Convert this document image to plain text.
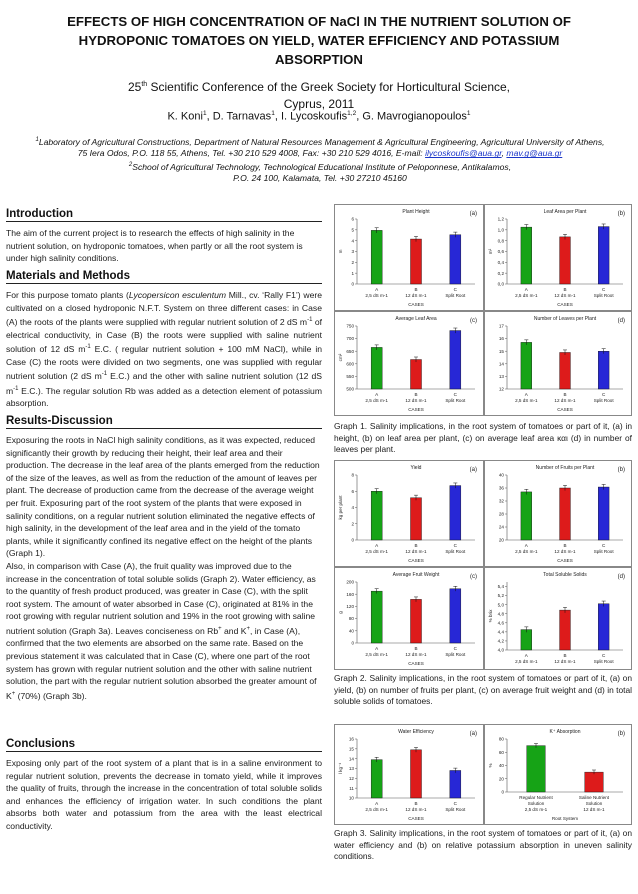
EFFECTS OF HIGH CONCENTRATION OF NaCl IN THE NUTRIENT SOLUTION OF
HYDROPONIC TOMATOES ON YIELD, WATER EFFICIENCY AND POTASSIUM
ABSORPTION
25th Scientific Conference of the Greek Society for Horticultural Science,
Cyprus, 2011
K. Koni$^1$, D. Tarnavas$^1$, I. Lycoskoufis$^{1,2}$, G. Mavrogianopoulos$^1$
$^1$Laboratory of Agricultural Constructions, Department of Natural Resources Management & Agricultural Engineering, Agricultural University of Athens, 75 Iera Odos, P.O. 118 55, Athens, Tel. +30 210 529 4008, Fax: +30 210 529 4016, E-mail: ilycoskoufis@aua.gr, mav.g@aua.gr
$^2$School of Agricultural Technology, Technological Educational Institute of Peloponnese, Antikalamos,
P.O. 24 100, Kalamata, Tel. +30 27210 45160
Introduction
The aim of the current project is to research the effects of high salinity in the nutrient solution, on hydroponic tomatoes, when partly or all the root system is under high salinity conditions.
Materials and Methods
For this purpose tomato plants (Lycopersicon esculentum Mill., cv. ‘Rally F1’) were cultivated on a closed hydroponic N.F.T. System on three different cases: in Case (A) the roots of the plants were supplied with regular nutrient solution of 2 dS $m^{-1}$ of electrical conductivity, in Case (B) the roots were supplied with saline nutrient solution of 12 dS $m^{-1}$ E.C. ( regular nutrient solution + 100 mM NaCl), while in Case (C) the roots were divided on two segments, one was supplied with regular nutrient solution (2 dS $m^{-1}$ E.C.) and the other with saline nutrient solution (12 dS $m^{-1}$ E.C.). The regular solution Rb was added as a detection element of potassium absorption.
Results-Discussion
Exposuring the roots in NaCl high salinity conditions, as it was expected, reduced significantly their growth by reducing their height, their leaf area and their production. The decrease in the leaf area of the plants emerged from the reduction of the size of the leaves, as well as from the reduction of the amount of leaves per plant. The decrease of production came from the decrease of the average weight per fruit. Exposuring part of the root system of the plants that were exposed in salinity conditions, on a regular nutrient solution eliminated the negative effects of high salinity, in the development of the leaf area and in the yield of the tomato plants, while it significantly confined its negative effect on the height of the plants (Graph 1).
Also, in comparison with Case (A), the fruit quality was improved due to the increase in the concentration of total soluble solids (Graph 2). Water efficiency, as to the quantity of fresh product produced, was greater in Case (C), with the split root system. The amount of water absorbed in Case (C), originated at 81% in the root growing with regular nutrient solution and 19% in the root growing with saline nutrient solution (Graph 3a). Leaves conciseness on Rb+ and K+, in Case (A), confirmed that the two elements are absorbed on the same rate. Based on the previous statement it was calculated that in Case (C), where one part of the root system has grown with regular nutrient solution and the other with saline nutrient solution, the part with the regular nutrient solution absorbed the greater amount of K+ (70%) (Graph 3b).
Conclusions
Exposing only part of the root system of a plant that is in a saline environment to regular nutrient solution, prevents the decrease in tomato yield, while it improves the quality of fruits, through the increase in the concentration of total soluble solids and enhances the efficiency of irrigation water. In such conditions the plant absorbs both water and potassium from the area with the least electrical conductivity.
Plant Height	(a)
m
0
1
2
3
4
5
6
A
2,5 dS m-1
B
12 dS m-1
C
Split Root
CASES
Leaf Area per Plant	(b)
m²
0,0
0,2
0,4
0,6
0,8
1,0
1,2
A
2,5 dS m-1
B
12 dS m-1
C
Split Root
CASES
Average Leaf Area	(c)
cm²
500
550
600
650
700
750
A
2,5 dS m-1
B
12 dS m-1
C
Split Root
CASES
Number of Leaves per Plant	(d)
12
13
14
15
16
17
A
2,5 dS m-1
B
12 dS m-1
C
Split Root
CASES
Graph 1. Salinity implications, in the root system of tomatoes or part of it, (a) in height, (b) on leaf area per plant, (c) on average leaf area και (d) in number of leaves per plant.
Yield	(a)
kg per plant
0
2
4
6
8
A
2,5 dS m-1
B
12 dS m-1
C
Split Root
CASES
Number of Fruits per Plant	(b)
20
24
28
32
36
40
A
2,5 dS m-1
B
12 dS m-1
C
Split Root
CASES
Average Fruit Weight	(c)
g
0
40
80
120
160
200
A
2,5 dS m-1
B
12 dS m-1
C
Split Root
CASES
Total Soluble Solids	(d)
% brix
4,0
4,2
4,4
4,6
4,8
5,0
5,2
5,4
A
2,5 dS m-1
B
12 dS m-1
C
Split Root
Graph 2. Salinity implications, in the root system of tomatoes or part of it, (a) on yield, (b) on number of fruits per plant, (c) on average fruit weight and (d) in total soluble solids of tomatoes.
Water Efficiency	(a)
l kg⁻¹
10
11
12
13
14
15
16
A
2,5 dS m-1
B
12 dS m-1
C
Split Root
CASES
K⁺ Absorption	(b)
%
0
20
40
60
80
Regular Nutrient
Solution
2,5 dS m-1
Saline Nutrient
Solution
12 dS m-1
Root System
Graph 3. Salinity implications, in the root system of tomatoes or part of it, (a) on water efficiency and (b) on relative potassium absorption in uneven salinity conditions.
